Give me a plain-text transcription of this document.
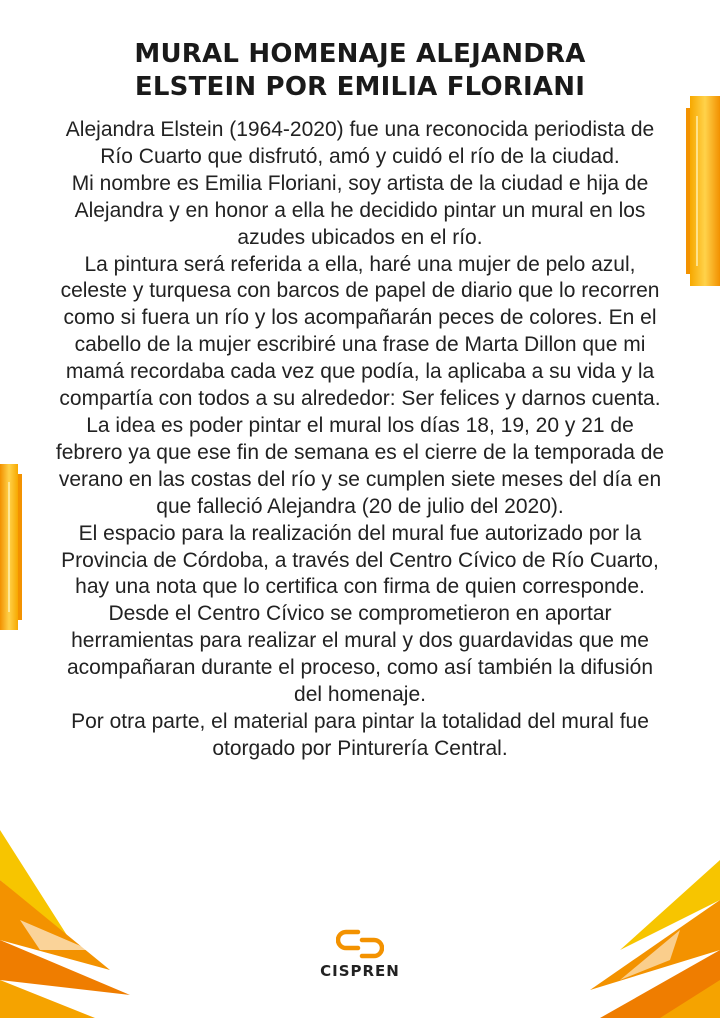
MURAL HOMENAJE ALEJANDRA
ELSTEIN POR EMILIA FLORIANI

Alejandra Elstein (1964-2020) fue una reconocida periodista de Río Cuarto que disfrutó, amó y cuidó el río de la ciudad.

Mi nombre es Emilia Floriani, soy artista de la ciudad e hija de Alejandra y en honor a ella he decidido pintar un mural en los azudes ubicados en el río.

La pintura será referida a ella, haré una mujer de pelo azul, celeste y turquesa con barcos de papel de diario que lo recorren como si fuera un río y los acompañarán peces de colores. En el cabello de la mujer escribiré una frase de Marta Dillon que mi mamá recordaba cada vez que podía, la aplicaba a su vida y la compartía con todos a su alrededor: Ser felices y darnos cuenta.

La idea es poder pintar el mural los días 18, 19, 20 y 21 de febrero ya que ese fin de semana es el cierre de la temporada de verano en las costas del río y se cumplen siete meses del día en que falleció Alejandra (20 de julio del 2020).

El espacio para la realización del mural fue autorizado por la Provincia de Córdoba, a través del Centro Cívico de Río Cuarto, hay una nota que lo certifica con firma de quien corresponde. Desde el Centro Cívico se comprometieron en aportar herramientas para realizar el mural y dos guardavidas que me acompañaran durante el proceso, como así también la difusión del homenaje.

Por otra parte, el material para pintar la totalidad del mural fue otorgado por Pinturería Central.

CISPREN
